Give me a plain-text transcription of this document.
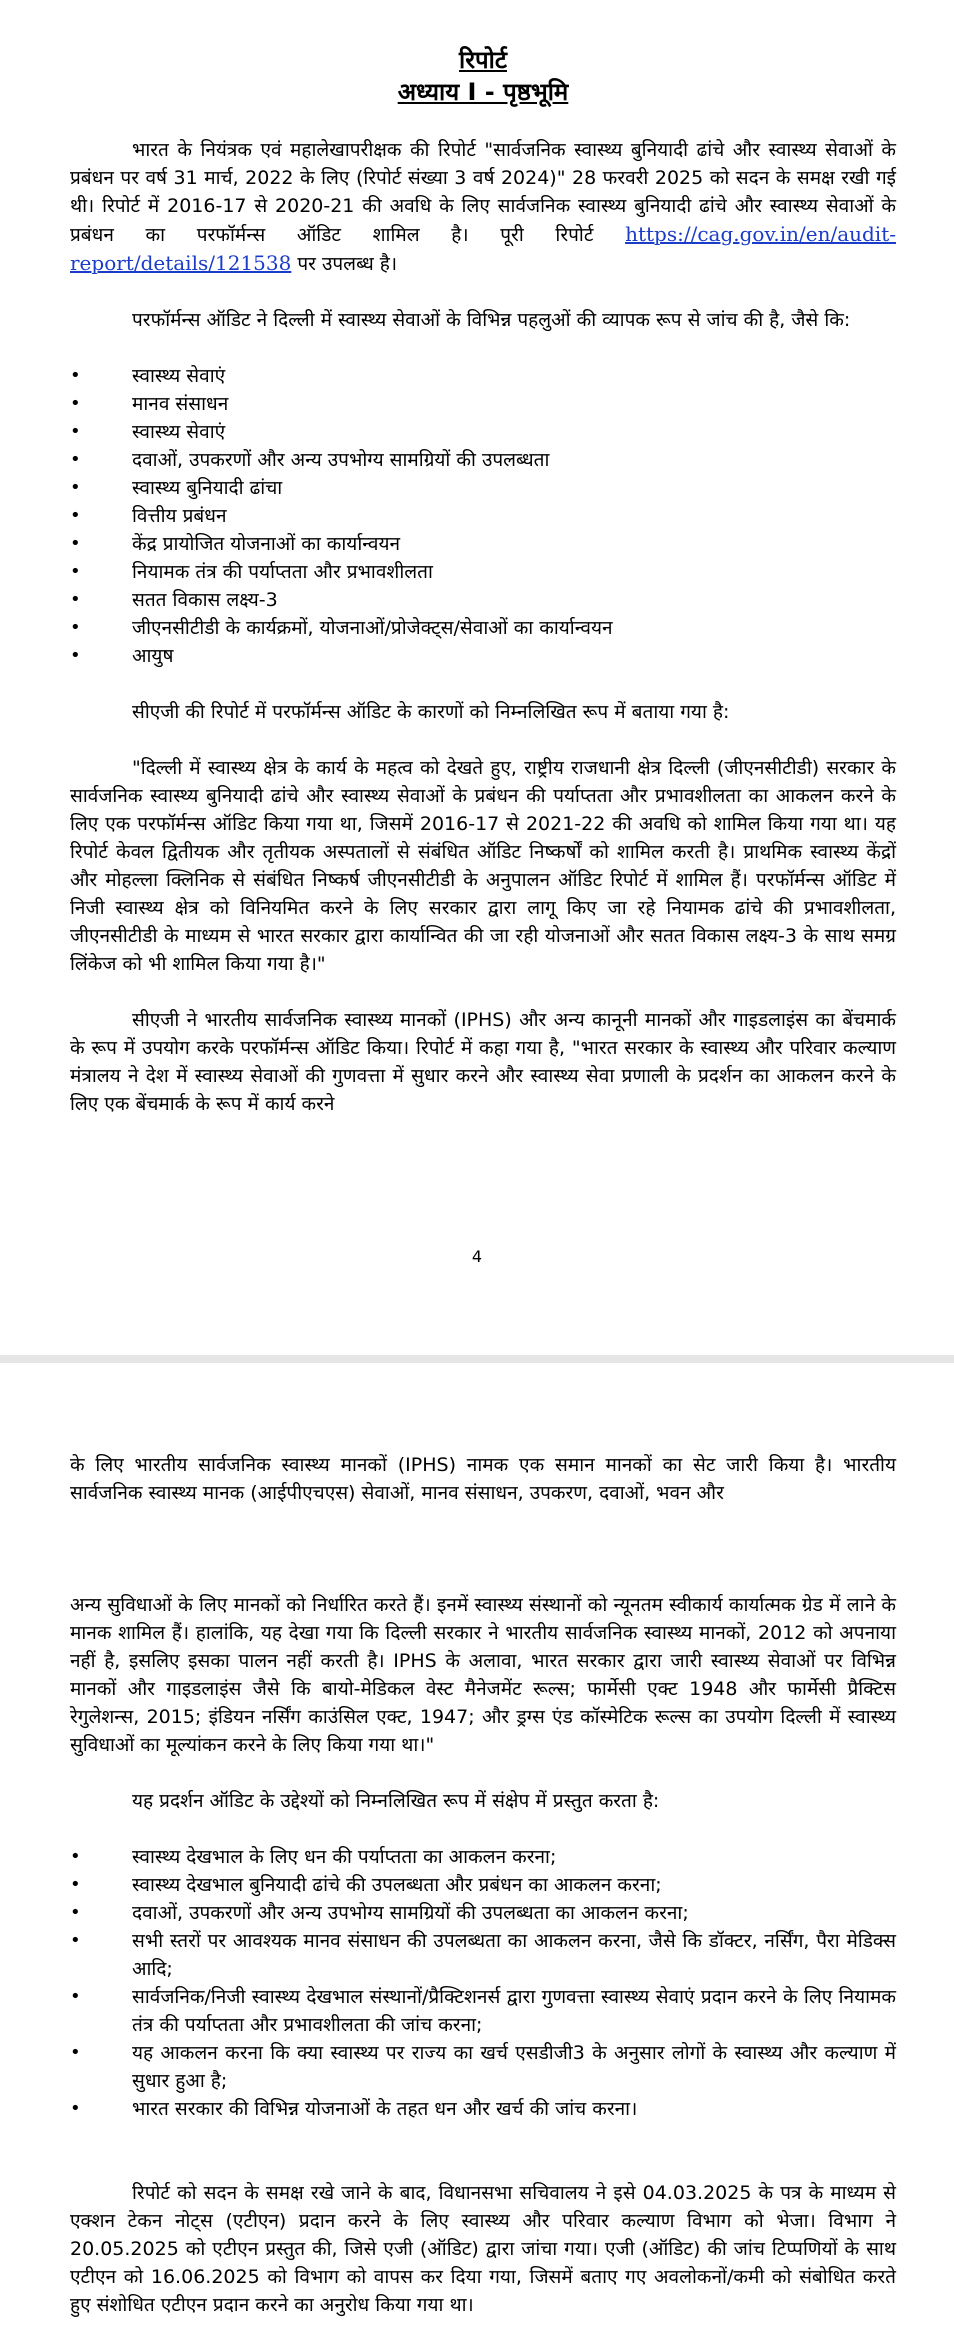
रिपोर्ट
अध्याय I - पृष्ठभूमि

भारत के नियंत्रक एवं महालेखापरीक्षक की रिपोर्ट "सार्वजनिक स्वास्थ्य बुनियादी ढांचे और स्वास्थ्य सेवाओं के प्रबंधन पर वर्ष 31 मार्च, 2022 के लिए (रिपोर्ट संख्या 3 वर्ष 2024)" 28 फरवरी 2025 को सदन के समक्ष रखी गई थी। रिपोर्ट में 2016-17 से 2020-21 की अवधि के लिए सार्वजनिक स्वास्थ्य बुनियादी ढांचे और स्वास्थ्य सेवाओं के प्रबंधन का परफॉर्मन्स ऑडिट शामिल है। पूरी रिपोर्ट https://cag.gov.in/en/audit-report/details/121538 पर उपलब्ध है।

परफॉर्मन्स ऑडिट ने दिल्ली में स्वास्थ्य सेवाओं के विभिन्न पहलुओं की व्यापक रूप से जांच की है, जैसे कि:

• स्वास्थ्य सेवाएं
• मानव संसाधन
• स्वास्थ्य सेवाएं
• दवाओं, उपकरणों और अन्य उपभोग्य सामग्रियों की उपलब्धता
• स्वास्थ्य बुनियादी ढांचा
• वित्तीय प्रबंधन
• केंद्र प्रायोजित योजनाओं का कार्यान्वयन
• नियामक तंत्र की पर्याप्तता और प्रभावशीलता
• सतत विकास लक्ष्य-3
• जीएनसीटीडी के कार्यक्रमों, योजनाओं/प्रोजेक्ट्स/सेवाओं का कार्यान्वयन
• आयुष

सीएजी की रिपोर्ट में परफॉर्मन्स ऑडिट के कारणों को निम्नलिखित रूप में बताया गया है:

"दिल्ली में स्वास्थ्य क्षेत्र के कार्य के महत्व को देखते हुए, राष्ट्रीय राजधानी क्षेत्र दिल्ली (जीएनसीटीडी) सरकार के सार्वजनिक स्वास्थ्य बुनियादी ढांचे और स्वास्थ्य सेवाओं के प्रबंधन की पर्याप्तता और प्रभावशीलता का आकलन करने के लिए एक परफॉर्मन्स ऑडिट किया गया था, जिसमें 2016-17 से 2021-22 की अवधि को शामिल किया गया था। यह रिपोर्ट केवल द्वितीयक और तृतीयक अस्पतालों से संबंधित ऑडिट निष्कर्षों को शामिल करती है। प्राथमिक स्वास्थ्य केंद्रों और मोहल्ला क्लिनिक से संबंधित निष्कर्ष जीएनसीटीडी के अनुपालन ऑडिट रिपोर्ट में शामिल हैं। परफॉर्मन्स ऑडिट में निजी स्वास्थ्य क्षेत्र को विनियमित करने के लिए सरकार द्वारा लागू किए जा रहे नियामक ढांचे की प्रभावशीलता, जीएनसीटीडी के माध्यम से भारत सरकार द्वारा कार्यान्वित की जा रही योजनाओं और सतत विकास लक्ष्य-3 के साथ समग्र लिंकेज को भी शामिल किया गया है।"

सीएजी ने भारतीय सार्वजनिक स्वास्थ्य मानकों (IPHS) और अन्य कानूनी मानकों और गाइडलाइंस का बेंचमार्क के रूप में उपयोग करके परफॉर्मन्स ऑडिट किया। रिपोर्ट में कहा गया है, "भारत सरकार के स्वास्थ्य और परिवार कल्याण मंत्रालय ने देश में स्वास्थ्य सेवाओं की गुणवत्ता में सुधार करने और स्वास्थ्य सेवा प्रणाली के प्रदर्शन का आकलन करने के लिए एक बेंचमार्क के रूप में कार्य करने

4

के लिए भारतीय सार्वजनिक स्वास्थ्य मानकों (IPHS) नामक एक समान मानकों का सेट जारी किया है। भारतीय सार्वजनिक स्वास्थ्य मानक (आईपीएचएस) सेवाओं, मानव संसाधन, उपकरण, दवाओं, भवन और

अन्य सुविधाओं के लिए मानकों को निर्धारित करते हैं। इनमें स्वास्थ्य संस्थानों को न्यूनतम स्वीकार्य कार्यात्मक ग्रेड में लाने के मानक शामिल हैं। हालांकि, यह देखा गया कि दिल्ली सरकार ने भारतीय सार्वजनिक स्वास्थ्य मानकों, 2012 को अपनाया नहीं है, इसलिए इसका पालन नहीं करती है। IPHS के अलावा, भारत सरकार द्वारा जारी स्वास्थ्य सेवाओं पर विभिन्न मानकों और गाइडलाइंस जैसे कि बायो-मेडिकल वेस्ट मैनेजमेंट रूल्स; फार्मेसी एक्ट 1948 और फार्मेसी प्रैक्टिस रेगुलेशन्स, 2015; इंडियन नर्सिंग काउंसिल एक्ट, 1947; और ड्रग्स एंड कॉस्मेटिक रूल्स का उपयोग दिल्ली में स्वास्थ्य सुविधाओं का मूल्यांकन करने के लिए किया गया था।"

यह प्रदर्शन ऑडिट के उद्देश्यों को निम्नलिखित रूप में संक्षेप में प्रस्तुत करता है:

• स्वास्थ्य देखभाल के लिए धन की पर्याप्तता का आकलन करना;
• स्वास्थ्य देखभाल बुनियादी ढांचे की उपलब्धता और प्रबंधन का आकलन करना;
• दवाओं, उपकरणों और अन्य उपभोग्य सामग्रियों की उपलब्धता का आकलन करना;
• सभी स्तरों पर आवश्यक मानव संसाधन की उपलब्धता का आकलन करना, जैसे कि डॉक्टर, नर्सिंग, पैरा मेडिक्स आदि;
• सार्वजनिक/निजी स्वास्थ्य देखभाल संस्थानों/प्रैक्टिशनर्स द्वारा गुणवत्ता स्वास्थ्य सेवाएं प्रदान करने के लिए नियामक तंत्र की पर्याप्तता और प्रभावशीलता की जांच करना;
• यह आकलन करना कि क्या स्वास्थ्य पर राज्य का खर्च एसडीजी3 के अनुसार लोगों के स्वास्थ्य और कल्याण में सुधार हुआ है;
• भारत सरकार की विभिन्न योजनाओं के तहत धन और खर्च की जांच करना।

रिपोर्ट को सदन के समक्ष रखे जाने के बाद, विधानसभा सचिवालय ने इसे 04.03.2025 के पत्र के माध्यम से एक्शन टेकन नोट्स (एटीएन) प्रदान करने के लिए स्वास्थ्य और परिवार कल्याण विभाग को भेजा। विभाग ने 20.05.2025 को एटीएन प्रस्तुत की, जिसे एजी (ऑडिट) द्वारा जांचा गया। एजी (ऑडिट) की जांच टिप्पणियों के साथ एटीएन को 16.06.2025 को विभाग को वापस कर दिया गया, जिसमें बताए गए अवलोकनों/कमी को संबोधित करते हुए संशोधित एटीएन प्रदान करने का अनुरोध किया गया था।
